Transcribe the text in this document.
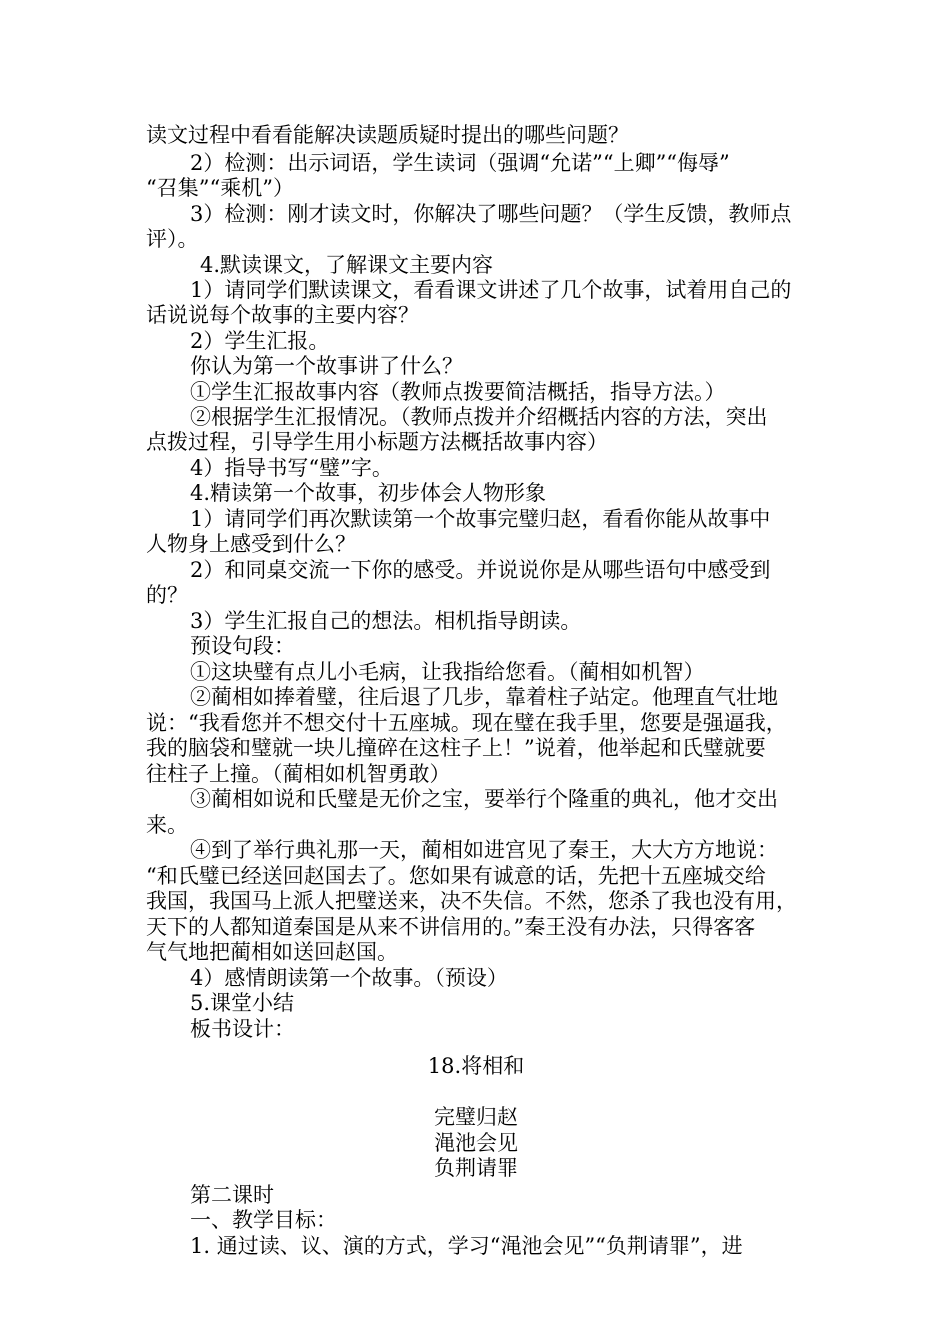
读文过程中看看能解决读题质疑时提出的哪些问题？
2）检测：出示词语，学生读词（强调“允诺”“上卿”“侮辱”
“召集”“乘机”）
3）检测：刚才读文时，你解决了哪些问题？（学生反馈，教师点
评）。
4.默读课文，了解课文主要内容
1）请同学们默读课文，看看课文讲述了几个故事，试着用自己的
话说说每个故事的主要内容？
2）学生汇报。
你认为第一个故事讲了什么？
①学生汇报故事内容（教师点拨要简洁概括，指导方法。）
②根据学生汇报情况。（教师点拨并介绍概括内容的方法，突出
点拨过程，引导学生用小标题方法概括故事内容）
4）指导书写“璧”字。
4.精读第一个故事，初步体会人物形象
1）请同学们再次默读第一个故事完璧归赵，看看你能从故事中
人物身上感受到什么？
2）和同桌交流一下你的感受。并说说你是从哪些语句中感受到
的？
3）学生汇报自己的想法。相机指导朗读。
预设句段：
①这块璧有点儿小毛病，让我指给您看。（蔺相如机智）
②蔺相如捧着璧，往后退了几步，靠着柱子站定。他理直气壮地
说：“我看您并不想交付十五座城。现在璧在我手里，您要是强逼我，
我的脑袋和璧就一块儿撞碎在这柱子上！”说着，他举起和氏璧就要
往柱子上撞。（蔺相如机智勇敢）
③蔺相如说和氏璧是无价之宝，要举行个隆重的典礼，他才交出
来。
④到了举行典礼那一天，蔺相如进宫见了秦王，大大方方地说：
“和氏璧已经送回赵国去了。您如果有诚意的话，先把十五座城交给
我国，我国马上派人把璧送来，决不失信。不然，您杀了我也没有用，
天下的人都知道秦国是从来不讲信用的。”秦王没有办法，只得客客
气气地把蔺相如送回赵国。
4）感情朗读第一个故事。（预设）
5.课堂小结
板书设计：
18.将相和
完璧归赵
渑池会见
负荆请罪
第二课时
一、教学目标：
1. 通过读、议、演的方式，学习“渑池会见”“负荆请罪”，进
